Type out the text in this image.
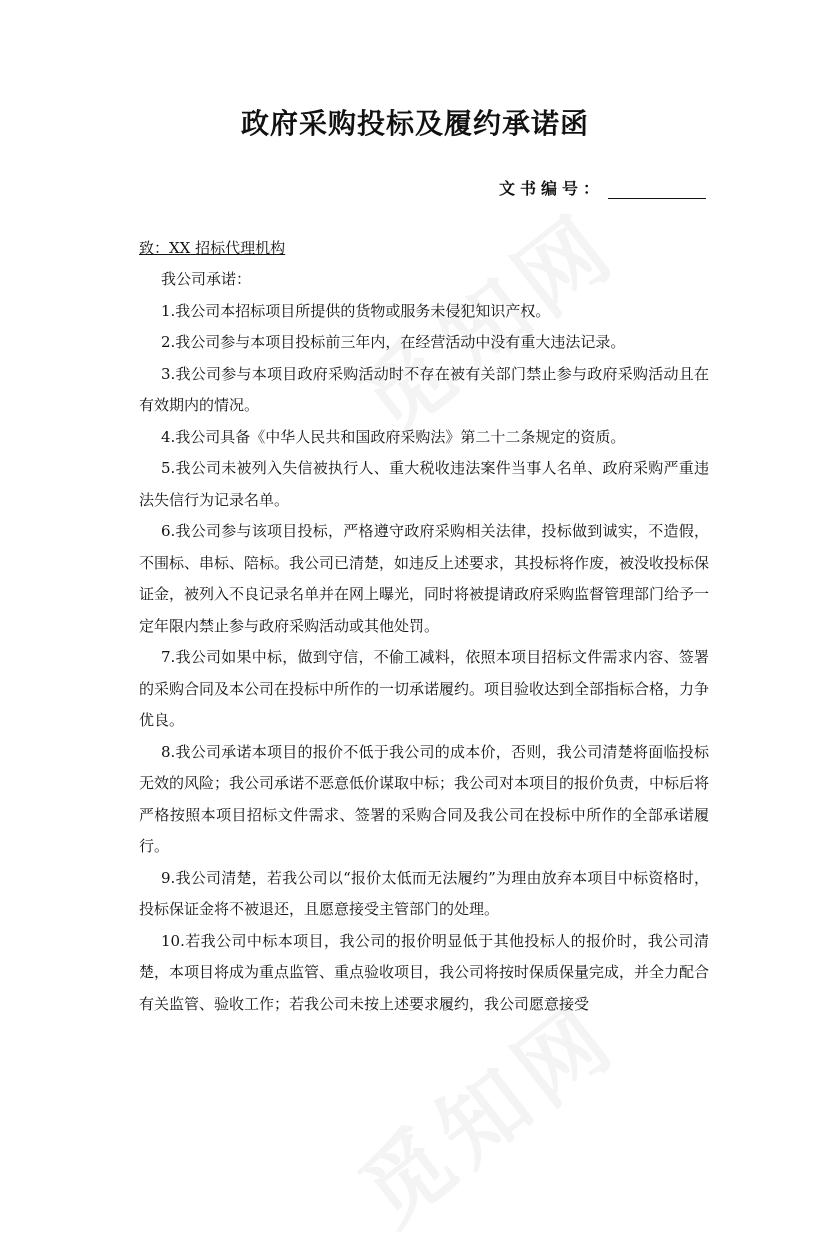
政府采购投标及履约承诺函
文书编号：
致：XX 招标代理机构

我公司承诺：

1.我公司本招标项目所提供的货物或服务未侵犯知识产权。

2.我公司参与本项目投标前三年内，在经营活动中没有重大违法记录。

3.我公司参与本项目政府采购活动时不存在被有关部门禁止参与政府采购活动且在有效期内的情况。

4.我公司具备《中华人民共和国政府采购法》第二十二条规定的资质。

5.我公司未被列入失信被执行人、重大税收违法案件当事人名单、政府采购严重违法失信行为记录名单。

6.我公司参与该项目投标，严格遵守政府采购相关法律，投标做到诚实，不造假，不围标、串标、陪标。我公司已清楚，如违反上述要求，其投标将作废，被没收投标保证金，被列入不良记录名单并在网上曝光，同时将被提请政府采购监督管理部门给予一定年限内禁止参与政府采购活动或其他处罚。

7.我公司如果中标，做到守信，不偷工减料，依照本项目招标文件需求内容、签署的采购合同及本公司在投标中所作的一切承诺履约。项目验收达到全部指标合格，力争优良。

8.我公司承诺本项目的报价不低于我公司的成本价，否则，我公司清楚将面临投标无效的风险；我公司承诺不恶意低价谋取中标；我公司对本项目的报价负责，中标后将严格按照本项目招标文件需求、签署的采购合同及我公司在投标中所作的全部承诺履行。

9.我公司清楚，若我公司以“报价太低而无法履约”为理由放弃本项目中标资格时，投标保证金将不被退还，且愿意接受主管部门的处理。

10.若我公司中标本项目，我公司的报价明显低于其他投标人的报价时，我公司清楚，本项目将成为重点监管、重点验收项目，我公司将按时保质保量完成，并全力配合有关监管、验收工作；若我公司未按上述要求履约，我公司愿意接受
